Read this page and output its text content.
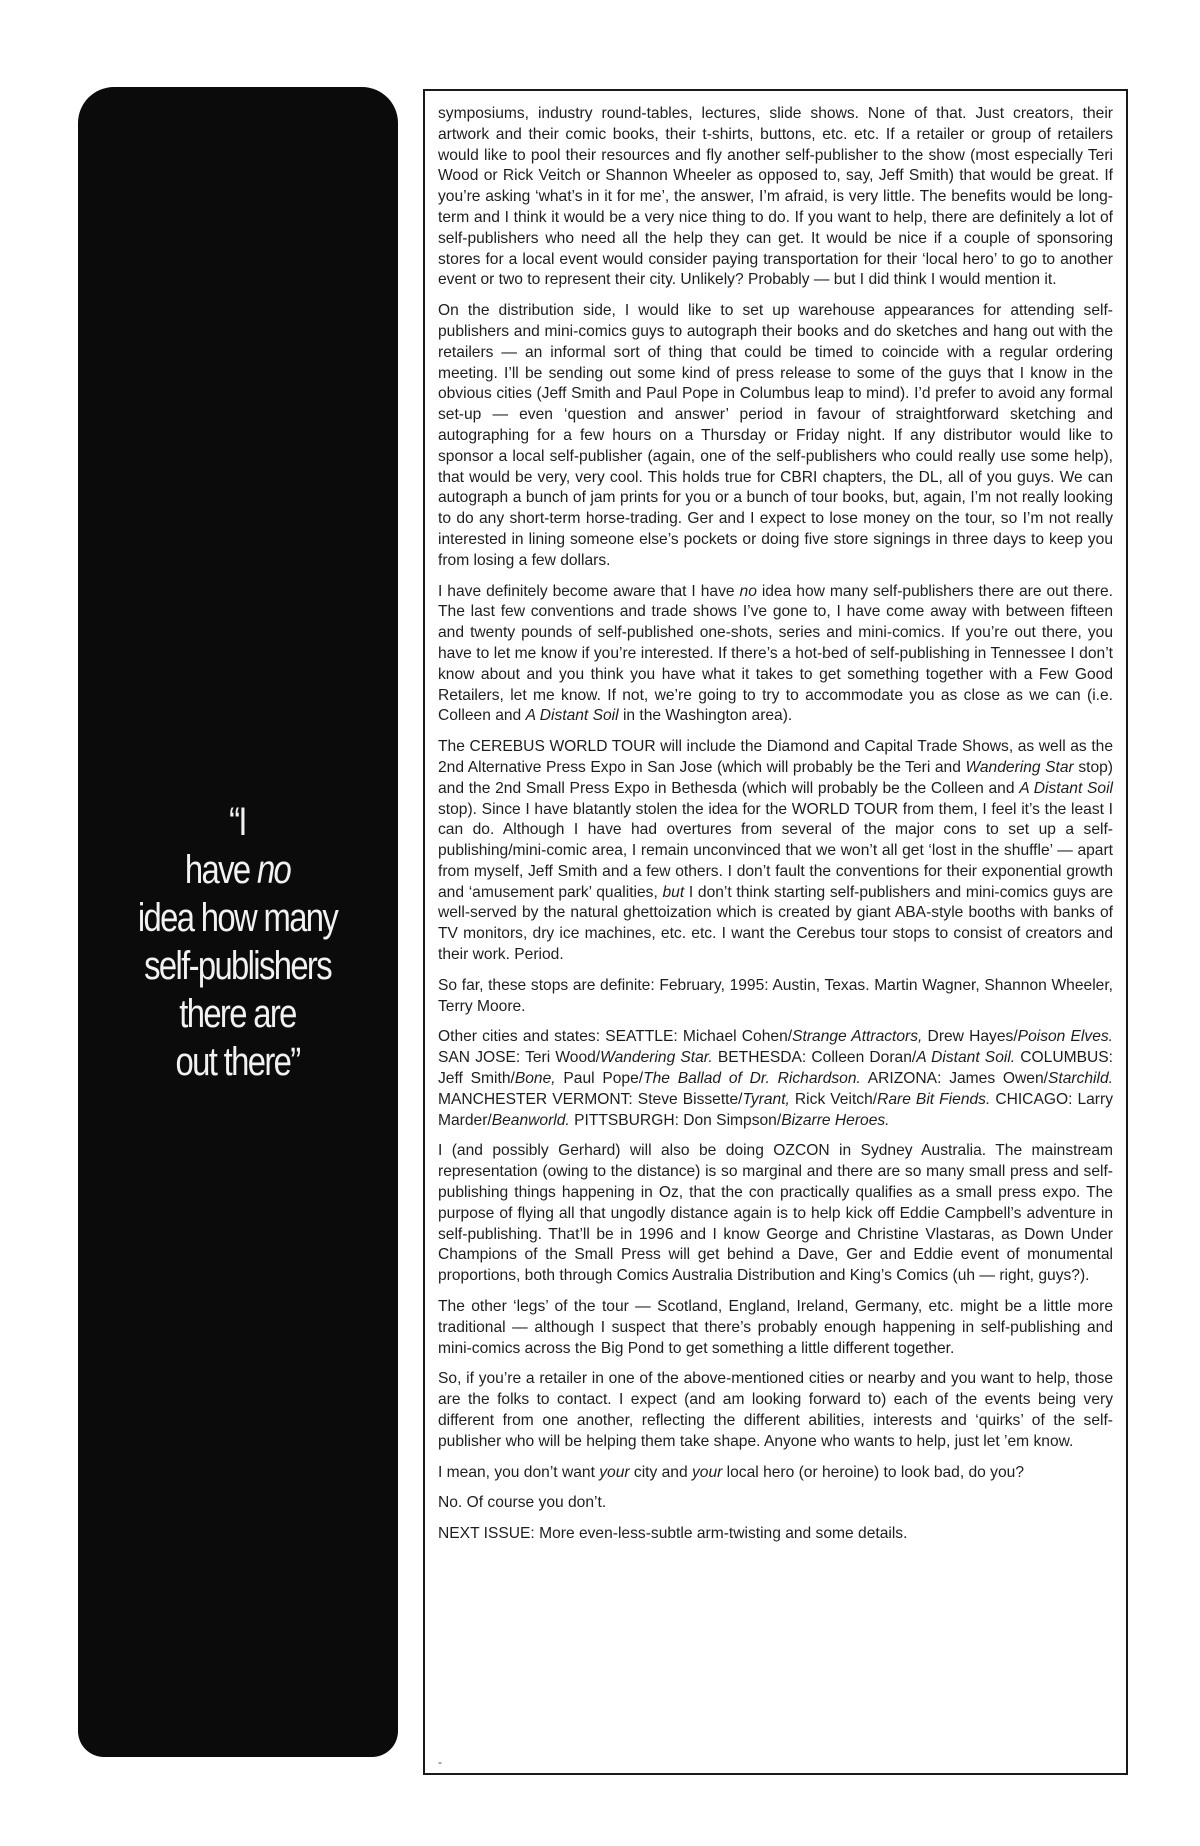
“I
have no
idea how many
self-publishers
there are
out there”

symposiums, industry round-tables, lectures, slide shows. None of that. Just creators, their artwork and their comic books, their t-shirts, buttons, etc. etc. If a retailer or group of retailers would like to pool their resources and fly another self-publisher to the show (most especially Teri Wood or Rick Veitch or Shannon Wheeler as opposed to, say, Jeff Smith) that would be great. If you’re asking ‘what’s in it for me’, the answer, I’m afraid, is very little. The benefits would be long-term and I think it would be a very nice thing to do. If you want to help, there are definitely a lot of self-publishers who need all the help they can get. It would be nice if a couple of sponsoring stores for a local event would consider paying transportation for their ‘local hero’ to go to another event or two to represent their city. Unlikely? Probably — but I did think I would mention it.

On the distribution side, I would like to set up warehouse appearances for attending self-publishers and mini-comics guys to autograph their books and do sketches and hang out with the retailers — an informal sort of thing that could be timed to coincide with a regular ordering meeting. I’ll be sending out some kind of press release to some of the guys that I know in the obvious cities (Jeff Smith and Paul Pope in Columbus leap to mind). I’d prefer to avoid any formal set-up — even ‘question and answer’ period in favour of straightforward sketching and autographing for a few hours on a Thursday or Friday night. If any distributor would like to sponsor a local self-publisher (again, one of the self-publishers who could really use some help), that would be very, very cool. This holds true for CBRI chapters, the DL, all of you guys. We can autograph a bunch of jam prints for you or a bunch of tour books, but, again, I’m not really looking to do any short-term horse-trading. Ger and I expect to lose money on the tour, so I’m not really interested in lining someone else’s pockets or doing five store signings in three days to keep you from losing a few dollars.

I have definitely become aware that I have no idea how many self-publishers there are out there. The last few conventions and trade shows I’ve gone to, I have come away with between fifteen and twenty pounds of self-published one-shots, series and mini-comics. If you’re out there, you have to let me know if you’re interested. If there’s a hot-bed of self-publishing in Tennessee I don’t know about and you think you have what it takes to get something together with a Few Good Retailers, let me know. If not, we’re going to try to accommodate you as close as we can (i.e. Colleen and A Distant Soil in the Washington area).

The CEREBUS WORLD TOUR will include the Diamond and Capital Trade Shows, as well as the 2nd Alternative Press Expo in San Jose (which will probably be the Teri and Wandering Star stop) and the 2nd Small Press Expo in Bethesda (which will probably be the Colleen and A Distant Soil stop). Since I have blatantly stolen the idea for the WORLD TOUR from them, I feel it’s the least I can do. Although I have had overtures from several of the major cons to set up a self-publishing/mini-comic area, I remain unconvinced that we won’t all get ‘lost in the shuffle’ — apart from myself, Jeff Smith and a few others. I don’t fault the conventions for their exponential growth and ‘amusement park’ qualities, but I don’t think starting self-publishers and mini-comics guys are well-served by the natural ghettoization which is created by giant ABA-style booths with banks of TV monitors, dry ice machines, etc. etc. I want the Cerebus tour stops to consist of creators and their work. Period.

So far, these stops are definite: February, 1995: Austin, Texas. Martin Wagner, Shannon Wheeler, Terry Moore.

Other cities and states: SEATTLE: Michael Cohen/Strange Attractors, Drew Hayes/Poison Elves. SAN JOSE: Teri Wood/Wandering Star. BETHESDA: Colleen Doran/A Distant Soil. COLUMBUS: Jeff Smith/Bone, Paul Pope/The Ballad of Dr. Richardson. ARIZONA: James Owen/Starchild. MANCHESTER VERMONT: Steve Bissette/Tyrant, Rick Veitch/Rare Bit Fiends. CHICAGO: Larry Marder/Beanworld. PITTSBURGH: Don Simpson/Bizarre Heroes.

I (and possibly Gerhard) will also be doing OZCON in Sydney Australia. The mainstream representation (owing to the distance) is so marginal and there are so many small press and self-publishing things happening in Oz, that the con practically qualifies as a small press expo. The purpose of flying all that ungodly distance again is to help kick off Eddie Campbell’s adventure in self-publishing. That’ll be in 1996 and I know George and Christine Vlastaras, as Down Under Champions of the Small Press will get behind a Dave, Ger and Eddie event of monumental proportions, both through Comics Australia Distribution and King’s Comics (uh — right, guys?).

The other ‘legs’ of the tour — Scotland, England, Ireland, Germany, etc. might be a little more traditional — although I suspect that there’s probably enough happening in self-publishing and mini-comics across the Big Pond to get something a little different together.

So, if you’re a retailer in one of the above-mentioned cities or nearby and you want to help, those are the folks to contact. I expect (and am looking forward to) each of the events being very different from one another, reflecting the different abilities, interests and ‘quirks’ of the self-publisher who will be helping them take shape. Anyone who wants to help, just let ’em know.

I mean, you don’t want your city and your local hero (or heroine) to look bad, do you?

No. Of course you don’t.

NEXT ISSUE: More even-less-subtle arm-twisting and some details.

-
